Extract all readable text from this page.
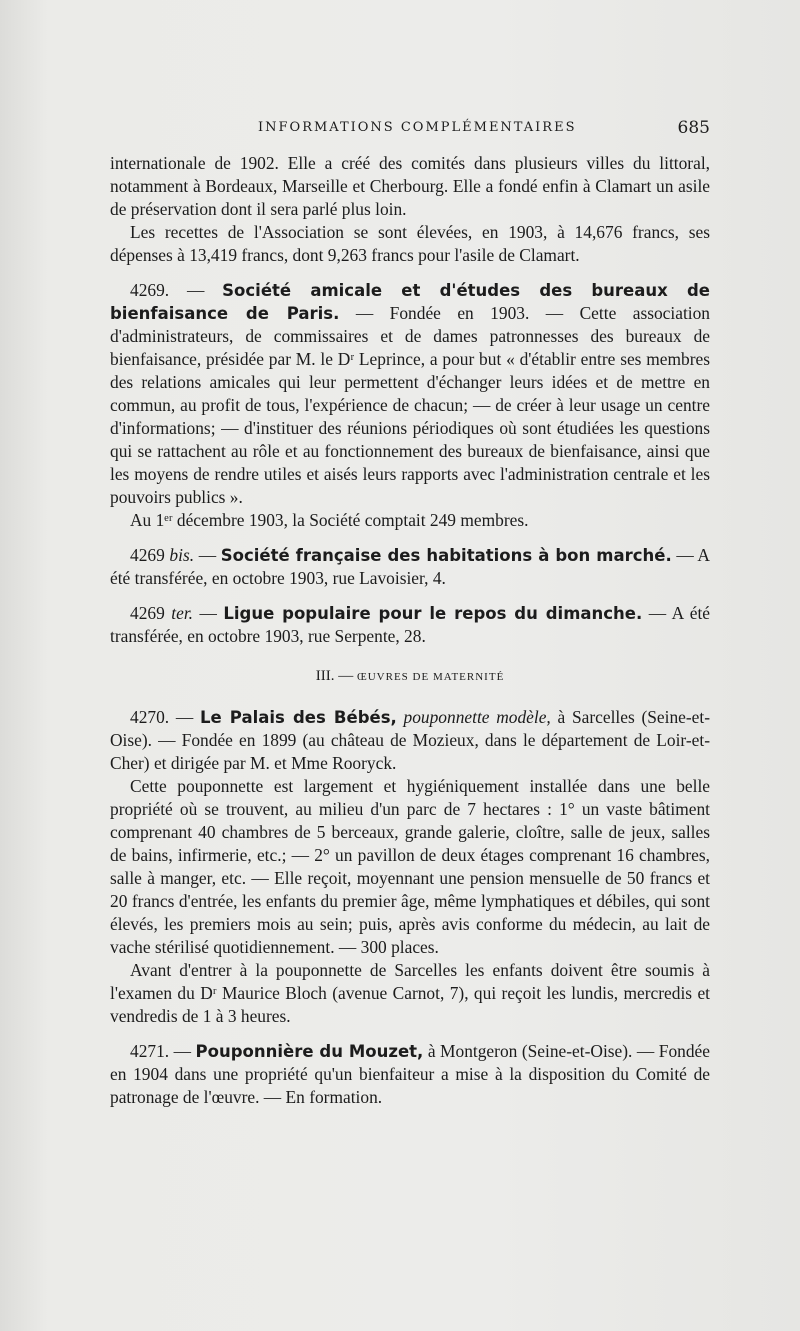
INFORMATIONS COMPLÉMENTAIRES	685

internationale de 1902. Elle a créé des comités dans plusieurs villes du littoral, notamment à Bordeaux, Marseille et Cherbourg. Elle a fondé enfin à Clamart un asile de préservation dont il sera parlé plus loin.

Les recettes de l'Association se sont élevées, en 1903, à 14,676 francs, ses dépenses à 13,419 francs, dont 9,263 francs pour l'asile de Clamart.

4269. — Société amicale et d'études des bureaux de bienfaisance de Paris. — Fondée en 1903. — Cette association d'administrateurs, de commissaires et de dames patronnesses des bureaux de bienfaisance, présidée par M. le Dʳ Leprince, a pour but « d'établir entre ses membres des relations amicales qui leur permettent d'échanger leurs idées et de mettre en commun, au profit de tous, l'expérience de chacun; — de créer à leur usage un centre d'informations; — d'instituer des réunions périodiques où sont étudiées les questions qui se rattachent au rôle et au fonctionnement des bureaux de bienfaisance, ainsi que les moyens de rendre utiles et aisés leurs rapports avec l'administration centrale et les pouvoirs publics ».

Au 1ᵉʳ décembre 1903, la Société comptait 249 membres.

4269 bis. — Société française des habitations à bon marché. — A été transférée, en octobre 1903, rue Lavoisier, 4.

4269 ter. — Ligue populaire pour le repos du dimanche. — A été transférée, en octobre 1903, rue Serpente, 28.

III. — ŒUVRES DE MATERNITÉ

4270. — Le Palais des Bébés, pouponnette modèle, à Sarcelles (Seine-et-Oise). — Fondée en 1899 (au château de Mozieux, dans le département de Loir-et-Cher) et dirigée par M. et Mme Rooryck.

Cette pouponnette est largement et hygiéniquement installée dans une belle propriété où se trouvent, au milieu d'un parc de 7 hectares : 1° un vaste bâtiment comprenant 40 chambres de 5 berceaux, grande galerie, cloître, salle de jeux, salles de bains, infirmerie, etc.; — 2° un pavillon de deux étages comprenant 16 chambres, salle à manger, etc. — Elle reçoit, moyennant une pension mensuelle de 50 francs et 20 francs d'entrée, les enfants du premier âge, même lymphatiques et débiles, qui sont élevés, les premiers mois au sein; puis, après avis conforme du médecin, au lait de vache stérilisé quotidiennement. — 300 places.

Avant d'entrer à la pouponnette de Sarcelles les enfants doivent être soumis à l'examen du Dʳ Maurice Bloch (avenue Carnot, 7), qui reçoit les lundis, mercredis et vendredis de 1 à 3 heures.

4271. — Pouponnière du Mouzet, à Montgeron (Seine-et-Oise). — Fondée en 1904 dans une propriété qu'un bienfaiteur a mise à la disposition du Comité de patronage de l'œuvre. — En formation.
